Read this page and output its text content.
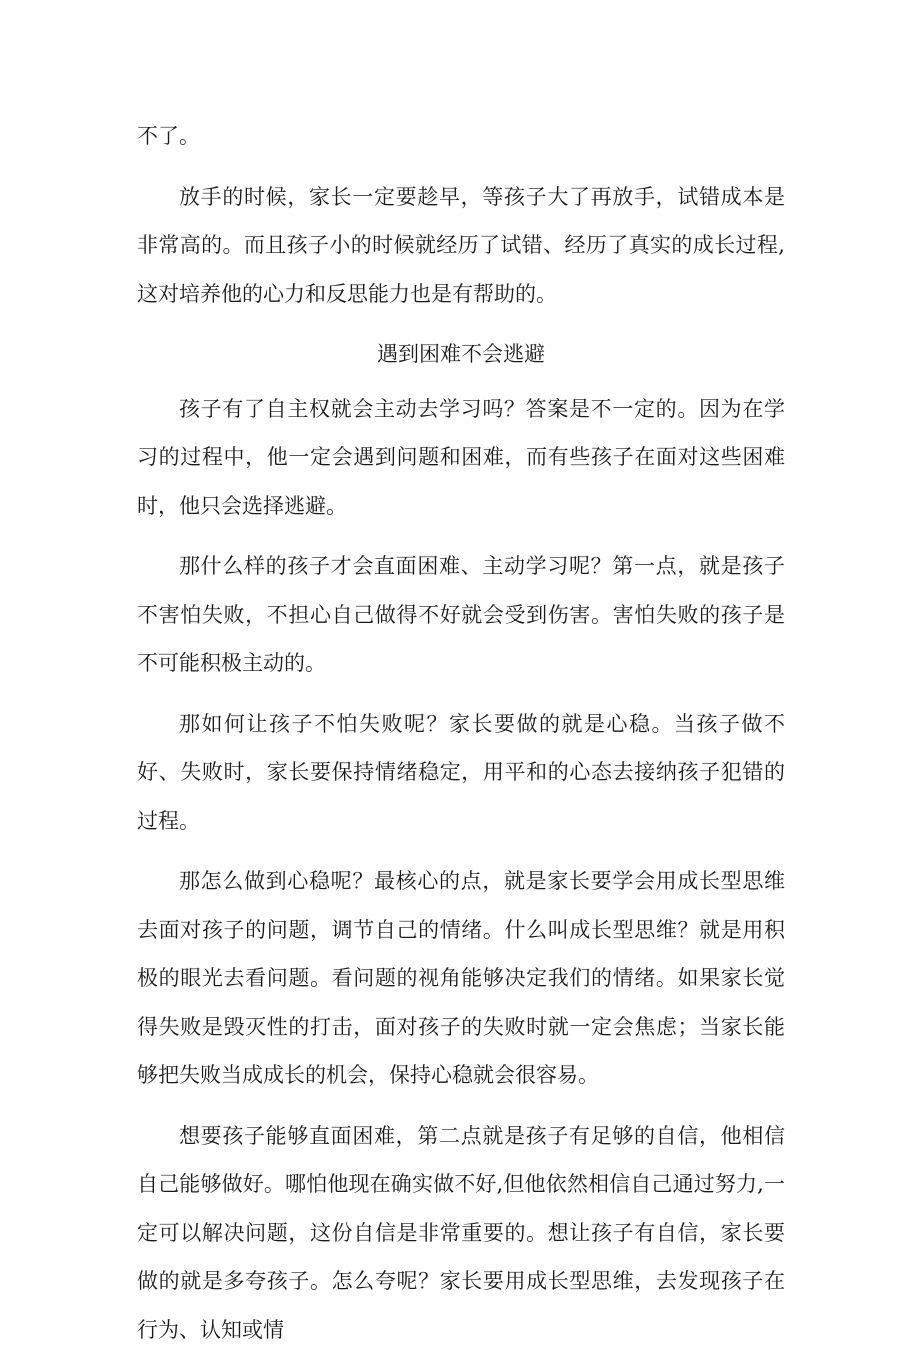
不了。

放手的时候，家长一定要趁早，等孩子大了再放手，试错成本是非常高的。而且孩子小的时候就经历了试错、经历了真实的成长过程,这对培养他的心力和反思能力也是有帮助的。

遇到困难不会逃避

孩子有了自主权就会主动去学习吗？答案是不一定的。因为在学习的过程中，他一定会遇到问题和困难，而有些孩子在面对这些困难时，他只会选择逃避。

那什么样的孩子才会直面困难、主动学习呢？第一点，就是孩子不害怕失败，不担心自己做得不好就会受到伤害。害怕失败的孩子是不可能积极主动的。

那如何让孩子不怕失败呢？家长要做的就是心稳。当孩子做不好、失败时，家长要保持情绪稳定，用平和的心态去接纳孩子犯错的过程。

那怎么做到心稳呢？最核心的点，就是家长要学会用成长型思维去面对孩子的问题，调节自己的情绪。什么叫成长型思维？就是用积极的眼光去看问题。看问题的视角能够决定我们的情绪。如果家长觉得失败是毁灭性的打击，面对孩子的失败时就一定会焦虑；当家长能够把失败当成成长的机会，保持心稳就会很容易。

想要孩子能够直面困难，第二点就是孩子有足够的自信，他相信自己能够做好。哪怕他现在确实做不好,但他依然相信自己通过努力,一定可以解决问题，这份自信是非常重要的。想让孩子有自信，家长要做的就是多夸孩子。怎么夸呢？家长要用成长型思维，去发现孩子在行为、认知或情
